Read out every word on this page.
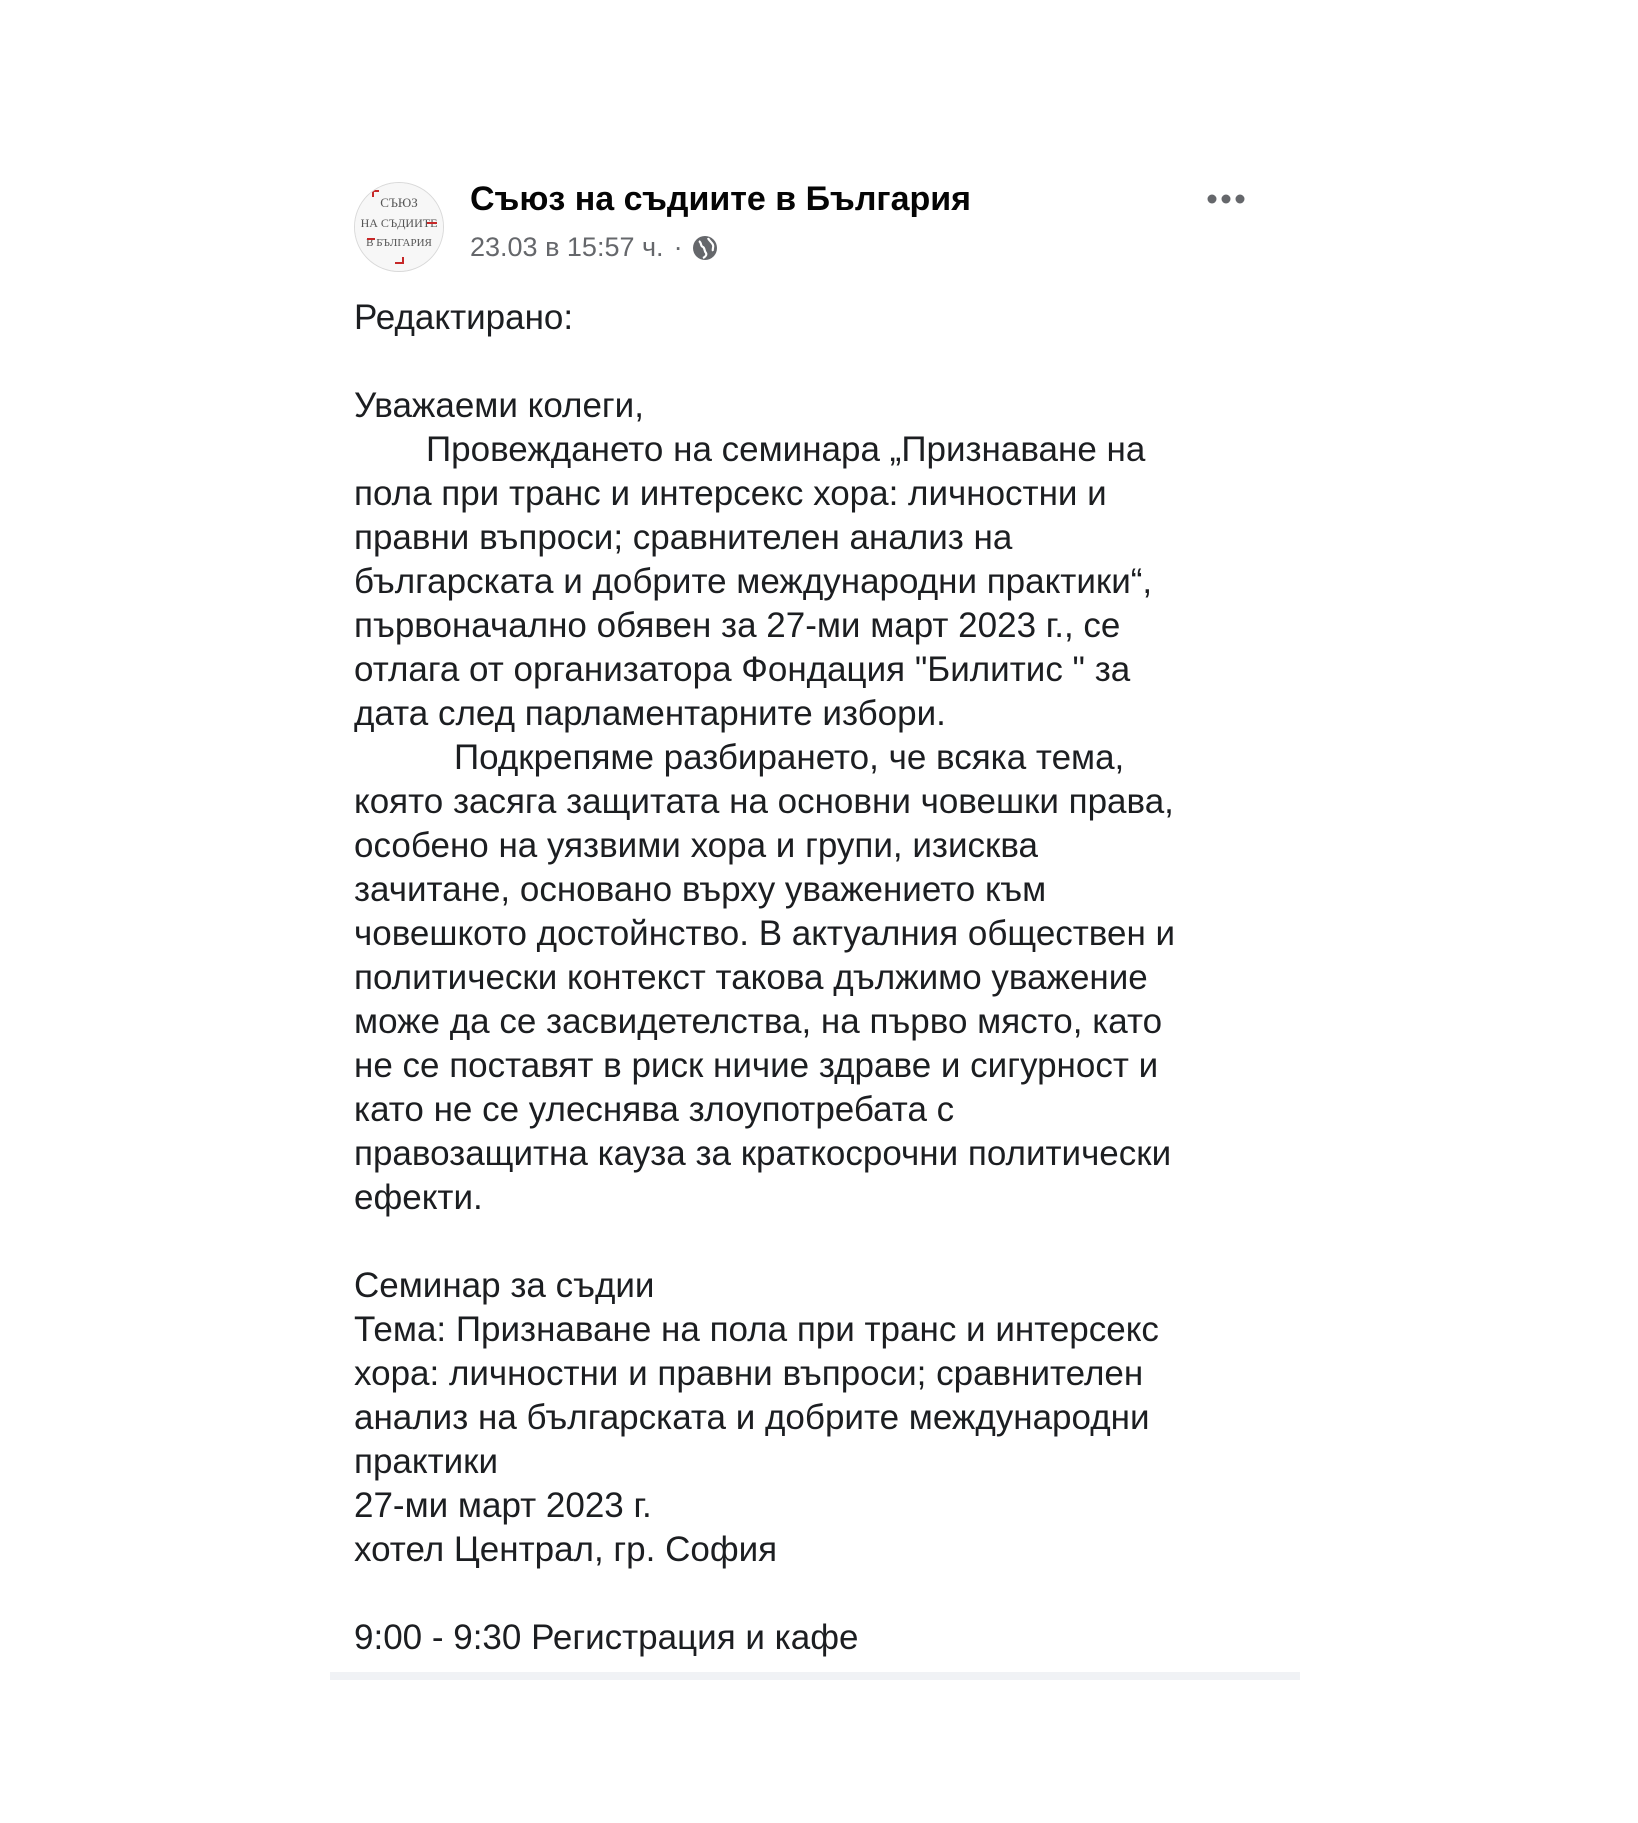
СЪЮЗ
НА СЪДИИТЕ
В БЪЛГАРИЯ
Съюз на съдиите в България
23.03 в 15:57 ч. ·

Редактирано:

Уважаеми колеги,

Провеждането на семинара „Признаване на
пола при транс и интерсекс хора: личностни и
правни въпроси; сравнителен анализ на
българската и добрите международни практики“,
първоначално обявен за 27-ми март 2023 г., се
отлага от организатора Фондация "Билитис " за
дата след парламентарните избори.

Подкрепяме разбирането, че всяка тема,
която засяга защитата на основни човешки права,
особено на уязвими хора и групи, изисква
зачитане, основано върху уважението към
човешкото достойнство. В актуалния обществен и
политически контекст такова дължимо уважение
може да се засвидетелства, на първо място, като
не се поставят в риск ничие здраве и сигурност и
като не се улеснява злоупотребата с
правозащитна кауза за краткосрочни политически
ефекти.

Семинар за съдии

Тема: Признаване на пола при транс и интерсекс
хора: личностни и правни въпроси; сравнителен
анализ на българската и добрите международни
практики

27-ми март 2023 г.

хотел Централ, гр. София

9:00 - 9:30 Регистрация и кафе
